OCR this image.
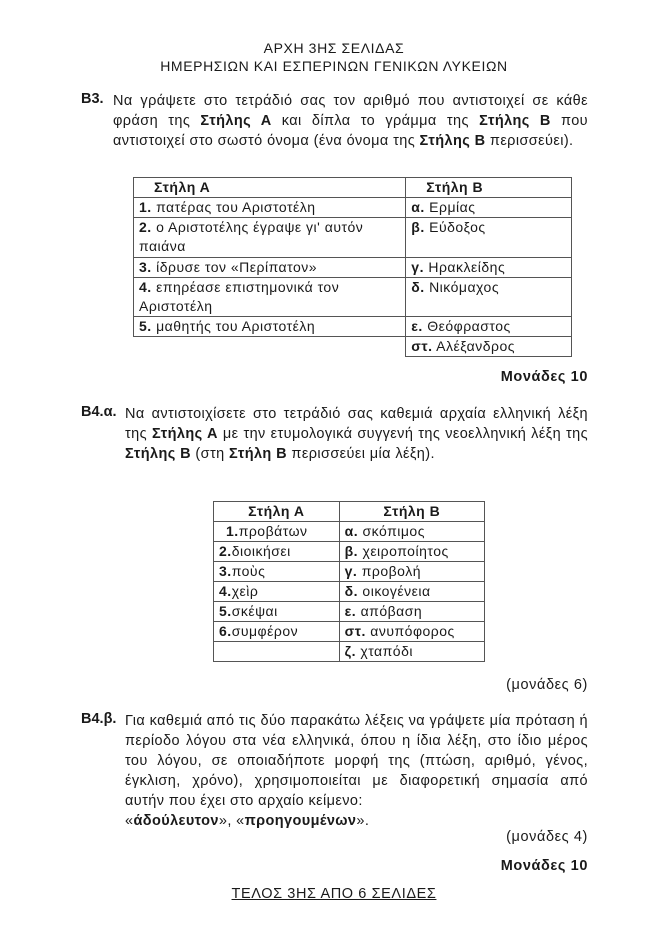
ΑΡΧΗ 3ΗΣ ΣΕΛΙΔΑΣ
ΗΜΕΡΗΣΙΩΝ ΚΑΙ ΕΣΠΕΡΙΝΩΝ ΓΕΝΙΚΩΝ ΛΥΚΕΙΩΝ
Β3. Να γράψετε στο τετράδιό σας τον αριθμό που αντιστοιχεί σε κάθε φράση της Στήλης Α και δίπλα το γράμμα της Στήλης Β που αντιστοιχεί στο σωστό όνομα (ένα όνομα της Στήλης Β περισσεύει).
Στήλη Α	Στήλη Β
1. πατέρας του Αριστοτέλη	α. Ερμίας
2. ο Αριστοτέλης έγραψε γι' αυτόν παιάνα	β. Εύδοξος
3. ίδρυσε τον «Περίπατον»	γ. Ηρακλείδης
4. επηρέασε επιστημονικά τον Αριστοτέλη	δ. Νικόμαχος
5. μαθητής του Αριστοτέλη	ε. Θεόφραστος
	στ. Αλέξανδρος
Μονάδες 10
Β4.α. Να αντιστοιχίσετε στο τετράδιό σας καθεμιά αρχαία ελληνική λέξη της Στήλης Α με την ετυμολογικά συγγενή της νεοελληνική λέξη της Στήλης Β (στη Στήλη Β περισσεύει μία λέξη).
Στήλη Α	Στήλη Β
1.προβάτων	α. σκόπιμος
2.διοικήσει	β. χειροποίητος
3.ποὺς	γ. προβολή
4.χεὶρ	δ. οικογένεια
5.σκέψαι	ε. απόβαση
6.συμφέρον	στ. ανυπόφορος
	ζ. χταπόδι
(μονάδες 6)
Β4.β. Για καθεμιά από τις δύο παρακάτω λέξεις να γράψετε μία πρόταση ή περίοδο λόγου στα νέα ελληνικά, όπου η ίδια λέξη, στο ίδιο μέρος του λόγου, σε οποιαδήποτε μορφή της (πτώση, αριθμό, γένος, έγκλιση, χρόνο), χρησιμοποιείται με διαφορετική σημασία από αυτήν που έχει στο αρχαίο κείμενο:
«άδούλευτον», «προηγουμένων».
(μονάδες 4)
Μονάδες 10
ΤΕΛΟΣ 3ΗΣ ΑΠΟ 6 ΣΕΛΙΔΕΣ
